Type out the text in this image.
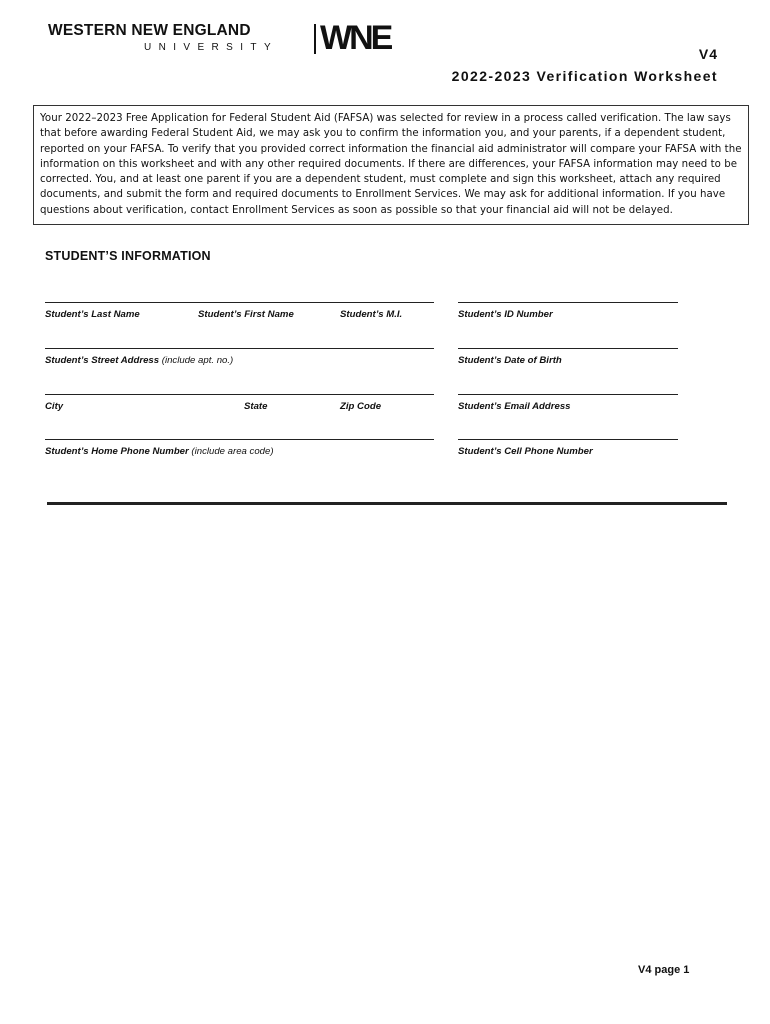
WESTERN NEW ENGLAND
UNIVERSITY WNE	V4
2022-2023 Verification Worksheet
Your 2022–2023 Free Application for Federal Student Aid (FAFSA) was selected for review in a process called verification. The law says that before awarding Federal Student Aid, we may ask you to confirm the information you, and your parents, if a dependent student, reported on your FAFSA. To verify that you provided correct information the financial aid administrator will compare your FAFSA with the information on this worksheet and with any other required documents. If there are differences, your FAFSA information may need to be corrected. You, and at least one parent if you are a dependent student, must complete and sign this worksheet, attach any required documents, and submit the form and required documents to Enrollment Services. We may ask for additional information. If you have questions about verification, contact Enrollment Services as soon as possible so that your financial aid will not be delayed.
STUDENT’S INFORMATION
Student’s Last Name	Student’s First Name	Student’s M.I.	Student’s ID Number
Student’s Street Address (include apt. no.)	Student’s Date of Birth
City	State	Zip Code	Student’s Email Address
Student’s Home Phone Number (include area code)	Student’s Cell Phone Number
V4 page 1
